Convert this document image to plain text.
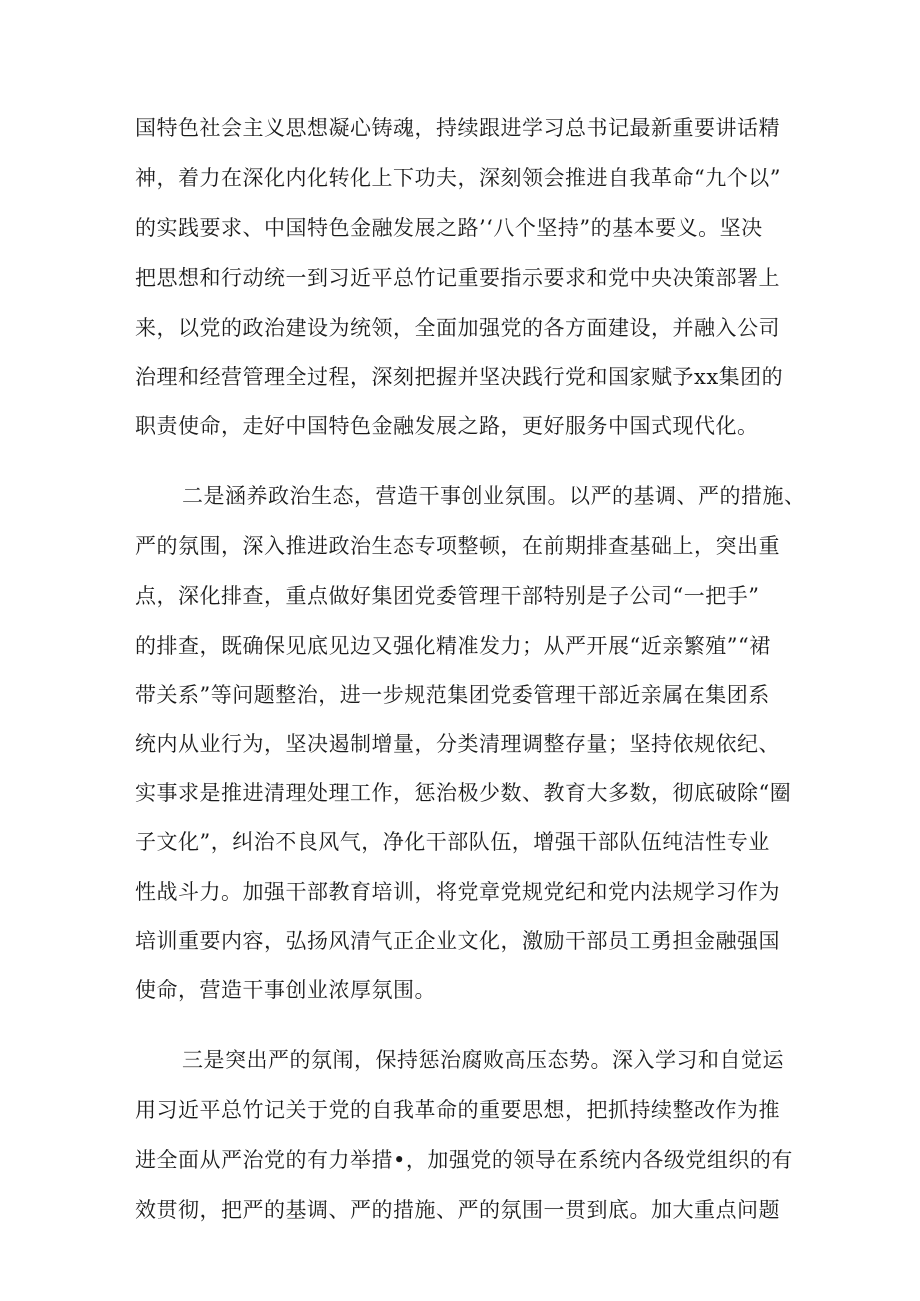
国特色社会主义思想凝心铸魂，持续跟进学习总书记最新重要讲话精
神，着力在深化内化转化上下功夫，深刻领会推进自我革命“九个以”
的实践要求、中国特色金融发展之路’‘八个坚持”的基本要义。坚决
把思想和行动统一到习近平总竹记重要指示要求和党中央决策部署上
来，以党的政治建设为统领，全面加强党的各方面建设，并融入公司
治理和经营管理全过程，深刻把握并坚决践行党和国家赋予xx集团的
职责使命，走好中国特色金融发展之路，更好服务中国式现代化。
二是涵养政治生态，营造干事创业氛围。以严的基调、严的措施、
严的氛围，深入推进政治生态专项整顿，在前期排查基础上，突出重
点，深化排查，重点做好集团党委管理干部特别是子公司“一把手”
的排查，既确保见底见边又强化精准发力；从严开展“近亲繁殖”“裙
带关系”等问题整治，进一步规范集团党委管理干部近亲属在集团系
统内从业行为，坚决遏制增量，分类清理调整存量；坚持依规依纪、
实事求是推进清理处理工作，惩治极少数、教育大多数，彻底破除“圈
子文化”，纠治不良风气，净化干部队伍，增强干部队伍纯洁性专业
性战斗力。加强干部教育培训，将党章党规党纪和党内法规学习作为
培训重要内容，弘扬风清气正企业文化，激励干部员工勇担金融强国
使命，营造干事创业浓厚氛围。
三是突出严的氛闱，保持惩治腐败高压态势。深入学习和自觉运
用习近平总竹记关于党的自我革命的重要思想，把抓持续整改作为推
进全面从严治党的有力举措•，加强党的领导在系统内各级党组织的有
效贯彻，把严的基调、严的措施、严的氛围一贯到底。加大重点问题
